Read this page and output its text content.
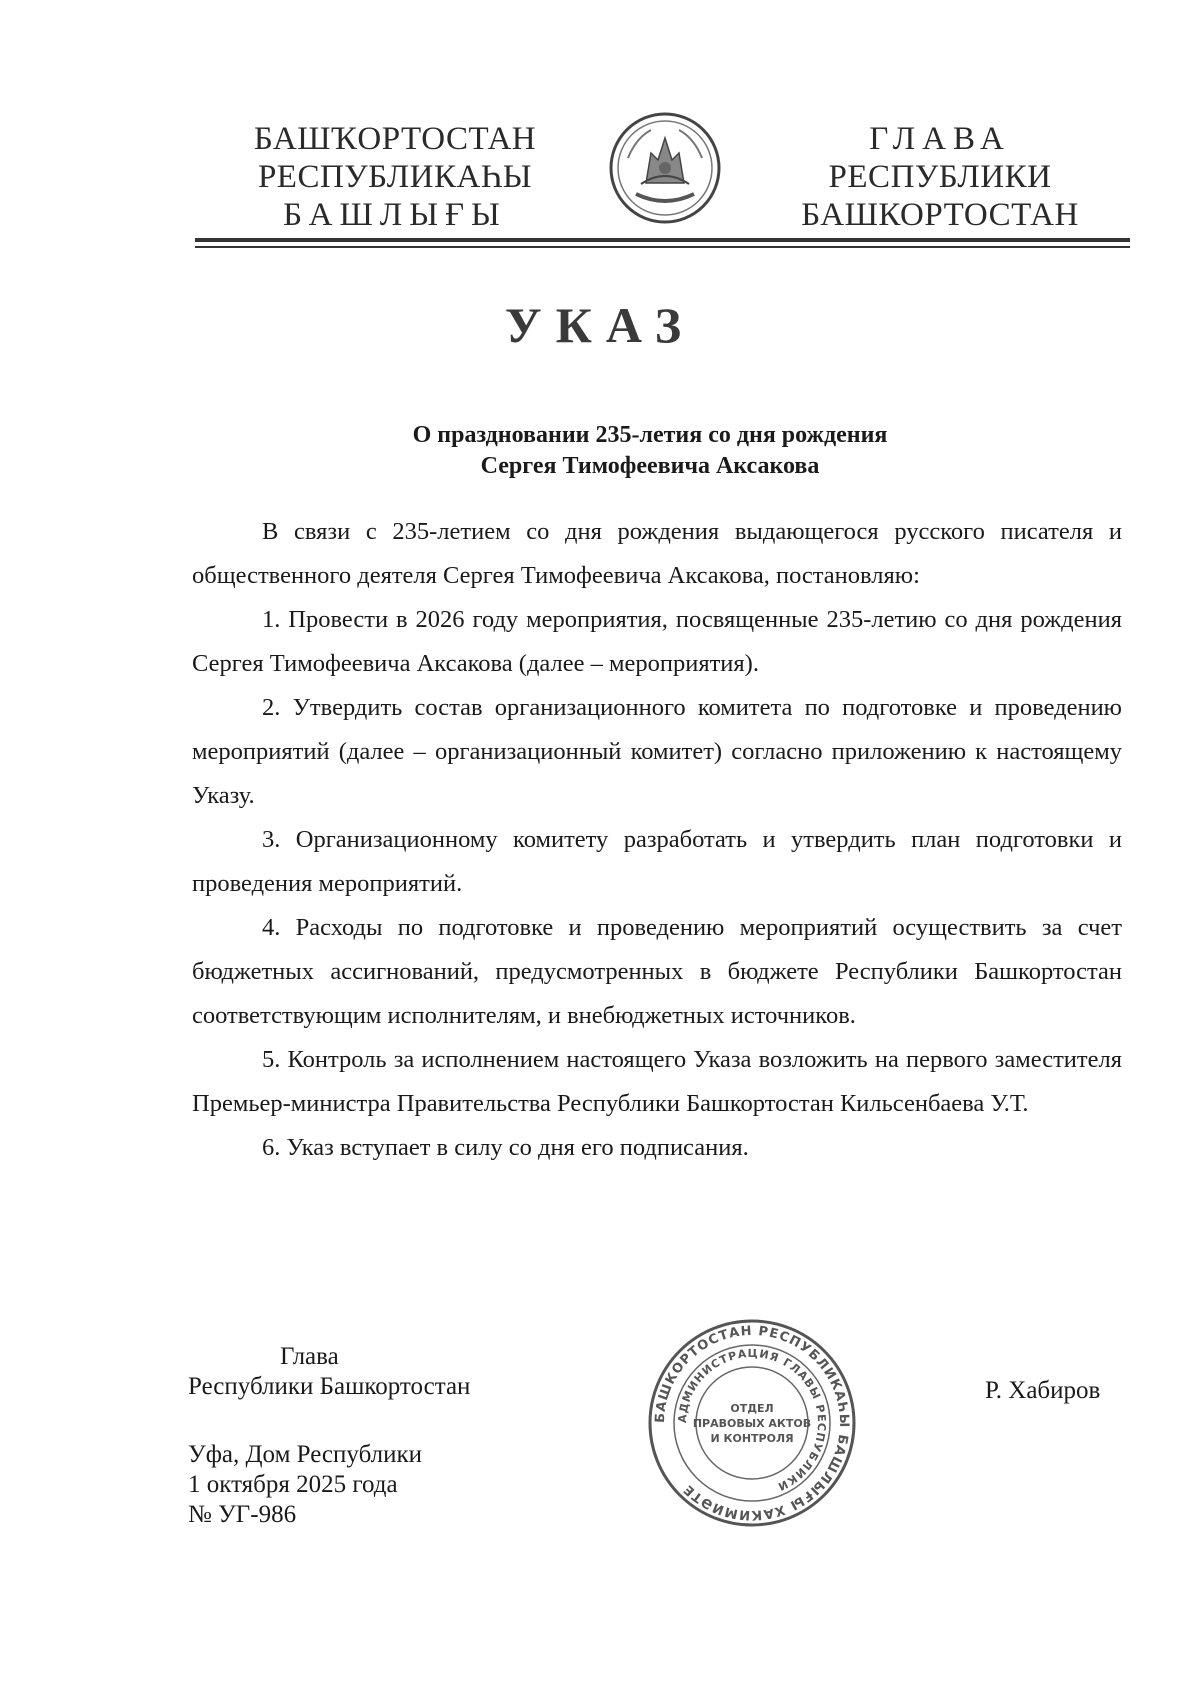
БАШҠОРТОСТАН
РЕСПУБЛИКАҺЫ
БАШЛЫҒЫ
ГЛАВА
РЕСПУБЛИКИ
БАШКОРТОСТАН
УКАЗ
О праздновании 235-летия со дня рождения
Сергея Тимофеевича Аксакова

В связи с 235-летием со дня рождения выдающегося русского писателя и общественного деятеля Сергея Тимофеевича Аксакова, постановляю:

1. Провести в 2026 году мероприятия, посвященные 235-летию со дня рождения Сергея Тимофеевича Аксакова (далее – мероприятия).

2. Утвердить состав организационного комитета по подготовке и проведению мероприятий (далее – организационный комитет) согласно приложению к настоящему Указу.

3. Организационному комитету разработать и утвердить план подготовки и проведения мероприятий.

4. Расходы по подготовке и проведению мероприятий осуществить за счет бюджетных ассигнований, предусмотренных в бюджете Республики Башкортостан соответствующим исполнителям, и внебюджетных источников.

5. Контроль за исполнением настоящего Указа возложить на первого заместителя Премьер-министра Правительства Республики Башкортостан Кильсенбаева У.Т.

6. Указ вступает в силу со дня его подписания.

Глава
Республики Башкортостан
Уфа, Дом Республики
1 октября 2025 года
№ УГ-986
Р. Хабиров
БАШКОРТОСТАН РЕСПУБЛИКАҺЫ БАШЛЫҒЫ ХАКИМИӘТЕ
АДМИНИСТРАЦИЯ ГЛАВЫ РЕСПУБЛИКИ
ОТДЕЛ
ПРАВОВЫХ АКТОВ
И КОНТРОЛЯ
